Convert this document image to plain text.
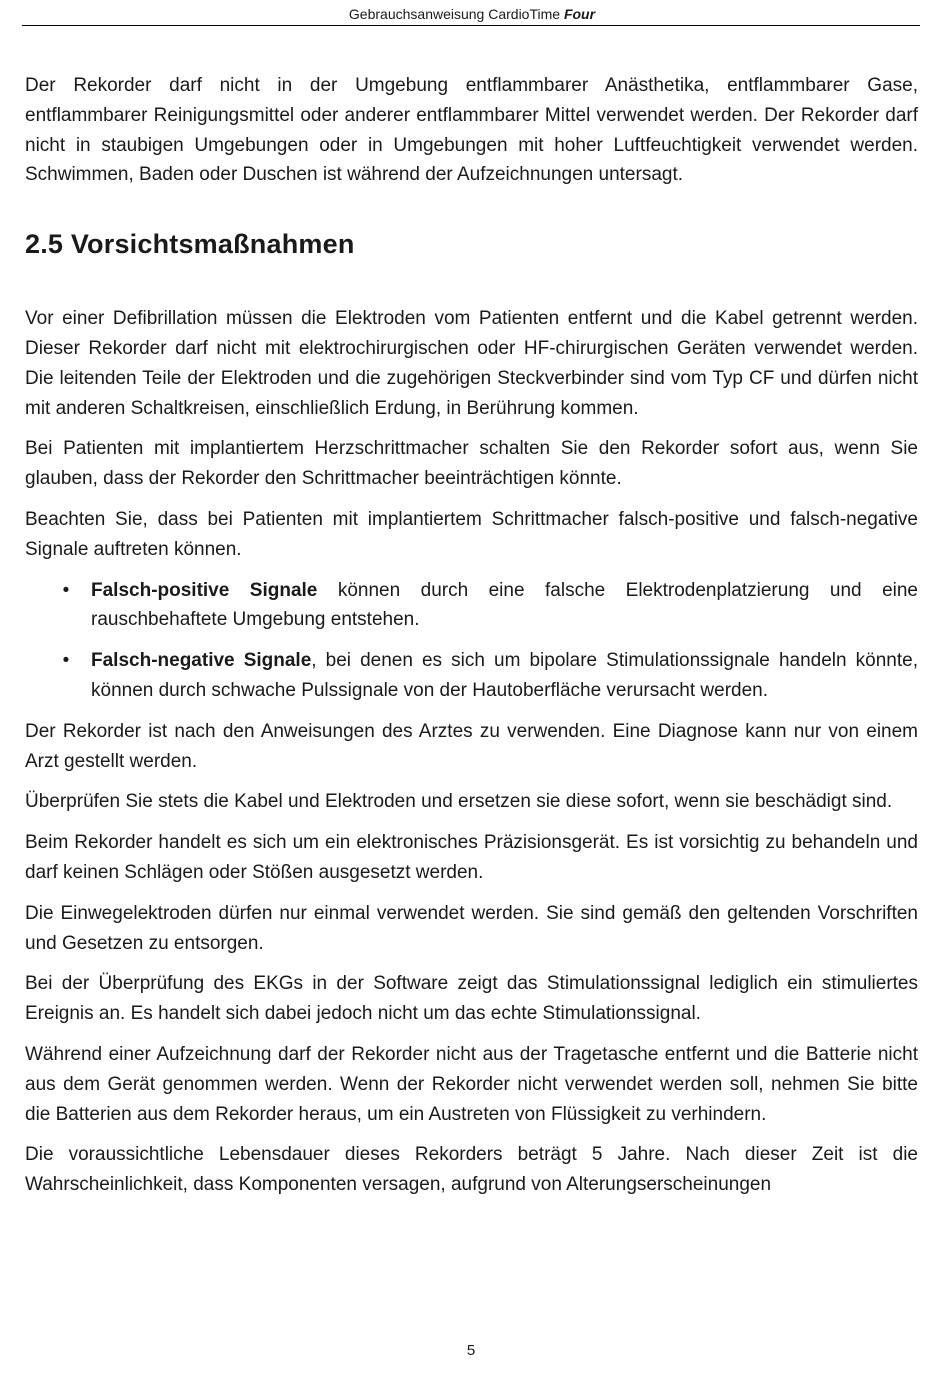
Gebrauchsanweisung CardioTime Four

Der Rekorder darf nicht in der Umgebung entflammbarer Anästhetika, entflammbarer Gase, entflammbarer Reinigungsmittel oder anderer entflammbarer Mittel verwendet werden. Der Rekorder darf nicht in staubigen Umgebungen oder in Umgebungen mit hoher Luftfeuchtigkeit verwendet werden. Schwimmen, Baden oder Duschen ist während der Aufzeichnungen untersagt.

2.5 Vorsichtsmaßnahmen

Vor einer Defibrillation müssen die Elektroden vom Patienten entfernt und die Kabel getrennt werden. Dieser Rekorder darf nicht mit elektrochirurgischen oder HF-chirurgischen Geräten verwendet werden. Die leitenden Teile der Elektroden und die zugehörigen Steckverbinder sind vom Typ CF und dürfen nicht mit anderen Schaltkreisen, einschließlich Erdung, in Berührung kommen.

Bei Patienten mit implantiertem Herzschrittmacher schalten Sie den Rekorder sofort aus, wenn Sie glauben, dass der Rekorder den Schrittmacher beeinträchtigen könnte.

Beachten Sie, dass bei Patienten mit implantiertem Schrittmacher falsch-positive und falsch-negative Signale auftreten können.

• Falsch-positive Signale können durch eine falsche Elektrodenplatzierung und eine rauschbehaftete Umgebung entstehen.
• Falsch-negative Signale, bei denen es sich um bipolare Stimulationssignale handeln könnte, können durch schwache Pulssignale von der Hautoberfläche verursacht werden.

Der Rekorder ist nach den Anweisungen des Arztes zu verwenden. Eine Diagnose kann nur von einem Arzt gestellt werden.

Überprüfen Sie stets die Kabel und Elektroden und ersetzen sie diese sofort, wenn sie beschädigt sind.

Beim Rekorder handelt es sich um ein elektronisches Präzisionsgerät. Es ist vorsichtig zu behandeln und darf keinen Schlägen oder Stößen ausgesetzt werden.

Die Einwegelektroden dürfen nur einmal verwendet werden. Sie sind gemäß den geltenden Vorschriften und Gesetzen zu entsorgen.

Bei der Überprüfung des EKGs in der Software zeigt das Stimulationssignal lediglich ein stimuliertes Ereignis an. Es handelt sich dabei jedoch nicht um das echte Stimulationssignal.

Während einer Aufzeichnung darf der Rekorder nicht aus der Tragetasche entfernt und die Batterie nicht aus dem Gerät genommen werden. Wenn der Rekorder nicht verwendet werden soll, nehmen Sie bitte die Batterien aus dem Rekorder heraus, um ein Austreten von Flüssigkeit zu verhindern.

Die voraussichtliche Lebensdauer dieses Rekorders beträgt 5 Jahre. Nach dieser Zeit ist die Wahrscheinlichkeit, dass Komponenten versagen, aufgrund von Alterungserscheinungen

5
